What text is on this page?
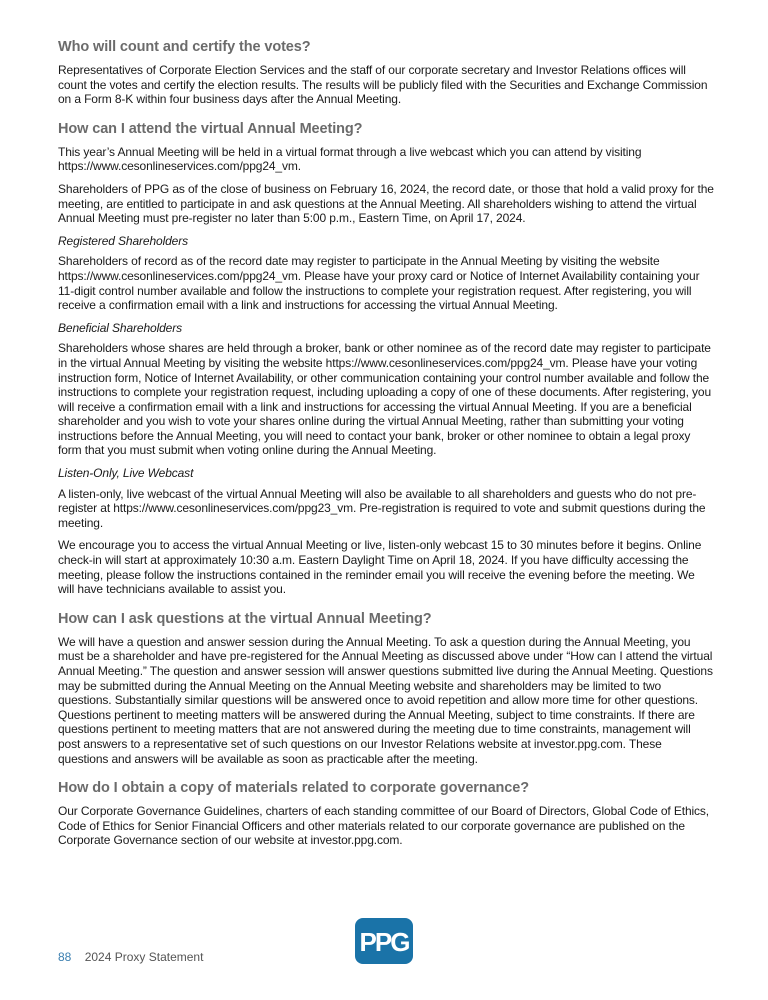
Who will count and certify the votes?

Representatives of Corporate Election Services and the staff of our corporate secretary and Investor Relations offices will count the votes and certify the election results. The results will be publicly filed with the Securities and Exchange Commission on a Form 8-K within four business days after the Annual Meeting.

How can I attend the virtual Annual Meeting?

This year’s Annual Meeting will be held in a virtual format through a live webcast which you can attend by visiting https://www.cesonlineservices.com/ppg24_vm.

Shareholders of PPG as of the close of business on February 16, 2024, the record date, or those that hold a valid proxy for the meeting, are entitled to participate in and ask questions at the Annual Meeting. All shareholders wishing to attend the virtual Annual Meeting must pre-register no later than 5:00 p.m., Eastern Time, on April 17, 2024.

Registered Shareholders

Shareholders of record as of the record date may register to participate in the Annual Meeting by visiting the website https://www.cesonlineservices.com/ppg24_vm. Please have your proxy card or Notice of Internet Availability containing your 11-digit control number available and follow the instructions to complete your registration request. After registering, you will receive a confirmation email with a link and instructions for accessing the virtual Annual Meeting.

Beneficial Shareholders

Shareholders whose shares are held through a broker, bank or other nominee as of the record date may register to participate in the virtual Annual Meeting by visiting the website https://www.cesonlineservices.com/ppg24_vm. Please have your voting instruction form, Notice of Internet Availability, or other communication containing your control number available and follow the instructions to complete your registration request, including uploading a copy of one of these documents. After registering, you will receive a confirmation email with a link and instructions for accessing the virtual Annual Meeting. If you are a beneficial shareholder and you wish to vote your shares online during the virtual Annual Meeting, rather than submitting your voting instructions before the Annual Meeting, you will need to contact your bank, broker or other nominee to obtain a legal proxy form that you must submit when voting online during the Annual Meeting.

Listen-Only, Live Webcast

A listen-only, live webcast of the virtual Annual Meeting will also be available to all shareholders and guests who do not pre-register at https://www.cesonlineservices.com/ppg23_vm. Pre-registration is required to vote and submit questions during the meeting.

We encourage you to access the virtual Annual Meeting or live, listen-only webcast 15 to 30 minutes before it begins. Online check-in will start at approximately 10:30 a.m. Eastern Daylight Time on April 18, 2024. If you have difficulty accessing the meeting, please follow the instructions contained in the reminder email you will receive the evening before the meeting. We will have technicians available to assist you.

How can I ask questions at the virtual Annual Meeting?

We will have a question and answer session during the Annual Meeting. To ask a question during the Annual Meeting, you must be a shareholder and have pre-registered for the Annual Meeting as discussed above under “How can I attend the virtual Annual Meeting.” The question and answer session will answer questions submitted live during the Annual Meeting. Questions may be submitted during the Annual Meeting on the Annual Meeting website and shareholders may be limited to two questions. Substantially similar questions will be answered once to avoid repetition and allow more time for other questions. Questions pertinent to meeting matters will be answered during the Annual Meeting, subject to time constraints. If there are questions pertinent to meeting matters that are not answered during the meeting due to time constraints, management will post answers to a representative set of such questions on our Investor Relations website at investor.ppg.com. These questions and answers will be available as soon as practicable after the meeting.

How do I obtain a copy of materials related to corporate governance?

Our Corporate Governance Guidelines, charters of each standing committee of our Board of Directors, Global Code of Ethics, Code of Ethics for Senior Financial Officers and other materials related to our corporate governance are published on the Corporate Governance section of our website at investor.ppg.com.

88 2024 Proxy Statement	PPG
